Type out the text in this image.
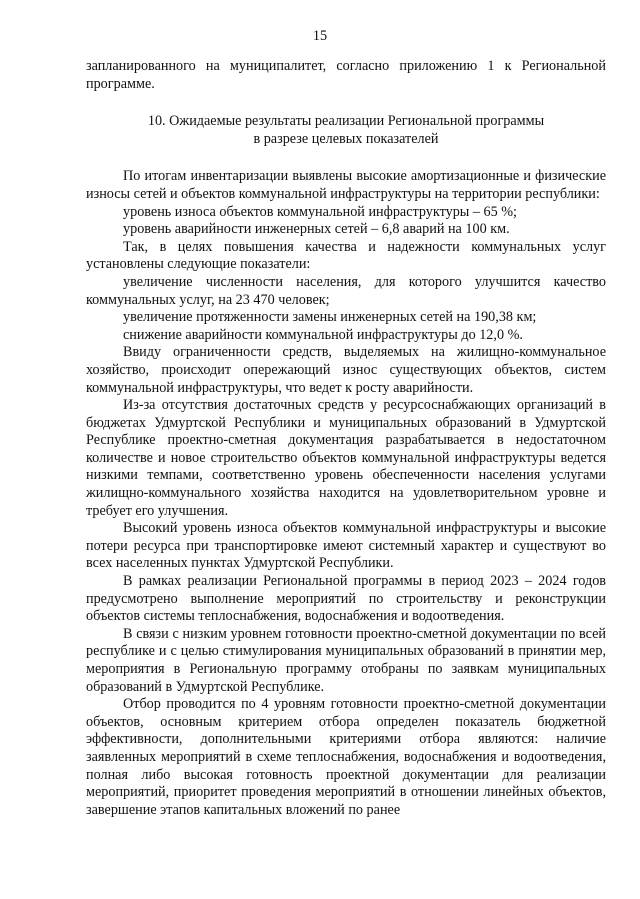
15

запланированного на муниципалитет, согласно приложению 1 к Региональной программе.

10. Ожидаемые результаты реализации Региональной программы
в разрезе целевых показателей

По итогам инвентаризации выявлены высокие амортизационные и физические износы сетей и объектов коммунальной инфраструктуры на территории республики:

уровень износа объектов коммунальной инфраструктуры – 65 %;

уровень аварийности инженерных сетей – 6,8 аварий на 100 км.

Так, в целях повышения качества и надежности коммунальных услуг установлены следующие показатели:

увеличение численности населения, для которого улучшится качество коммунальных услуг, на 23 470 человек;

увеличение протяженности замены инженерных сетей на 190,38 км;

снижение аварийности коммунальной инфраструктуры до 12,0 %.

Ввиду ограниченности средств, выделяемых на жилищно-коммунальное хозяйство, происходит опережающий износ существующих объектов, систем коммунальной инфраструктуры, что ведет к росту аварийности.

Из-за отсутствия достаточных средств у ресурсоснабжающих организаций в бюджетах Удмуртской Республики и муниципальных образований в Удмуртской Республике проектно-сметная документация разрабатывается в недостаточном количестве и новое строительство объектов коммунальной инфраструктуры ведется низкими темпами, соответственно уровень обеспеченности населения услугами жилищно-коммунального хозяйства находится на удовлетворительном уровне и требует его улучшения.

Высокий уровень износа объектов коммунальной инфраструктуры и высокие потери ресурса при транспортировке имеют системный характер и существуют во всех населенных пунктах Удмуртской Республики.

В рамках реализации Региональной программы в период 2023 – 2024 годов предусмотрено выполнение мероприятий по строительству и реконструкции объектов системы теплоснабжения, водоснабжения и водоотведения.

В связи с низким уровнем готовности проектно-сметной документации по всей республике и с целью стимулирования муниципальных образований в принятии мер, мероприятия в Региональную программу отобраны по заявкам муниципальных образований в Удмуртской Республике.

Отбор проводится по 4 уровням готовности проектно-сметной документации объектов, основным критерием отбора определен показатель бюджетной эффективности, дополнительными критериями отбора являются: наличие заявленных мероприятий в схеме теплоснабжения, водоснабжения и водоотведения, полная либо высокая готовность проектной документации для реализации мероприятий, приоритет проведения мероприятий в отношении линейных объектов, завершение этапов капитальных вложений по ранее
